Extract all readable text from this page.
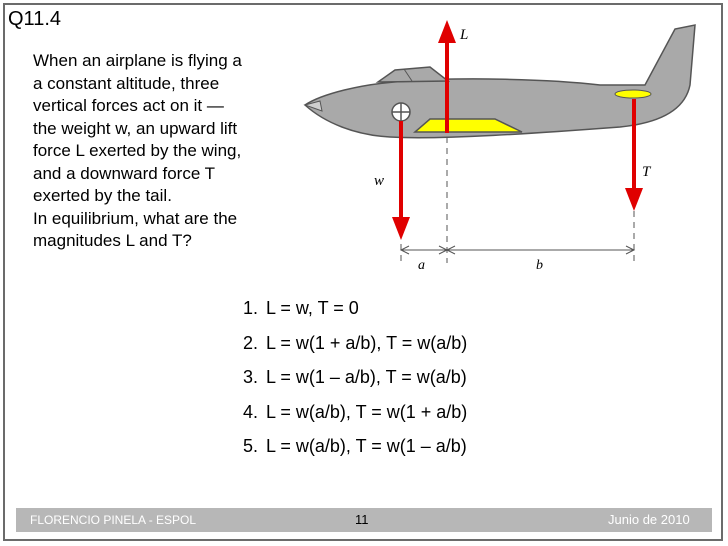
Q11.4

When an airplane is flying a

a constant altitude, three

vertical forces act on it —

the weight w, an upward lift

force L exerted by the wing,

and a downward force T

exerted by the tail.

In equilibrium, what are the

magnitudes L and T?

L
w
T
a	b
1. L = w, T = 0
2. L = w(1 + a/b), T = w(a/b)
3. L = w(1 – a/b), T = w(a/b)
4. L = w(a/b), T = w(1 + a/b)
5. L = w(a/b), T = w(1 – a/b)
FLORENCIO PINELA - ESPOL	11	Junio de 2010
